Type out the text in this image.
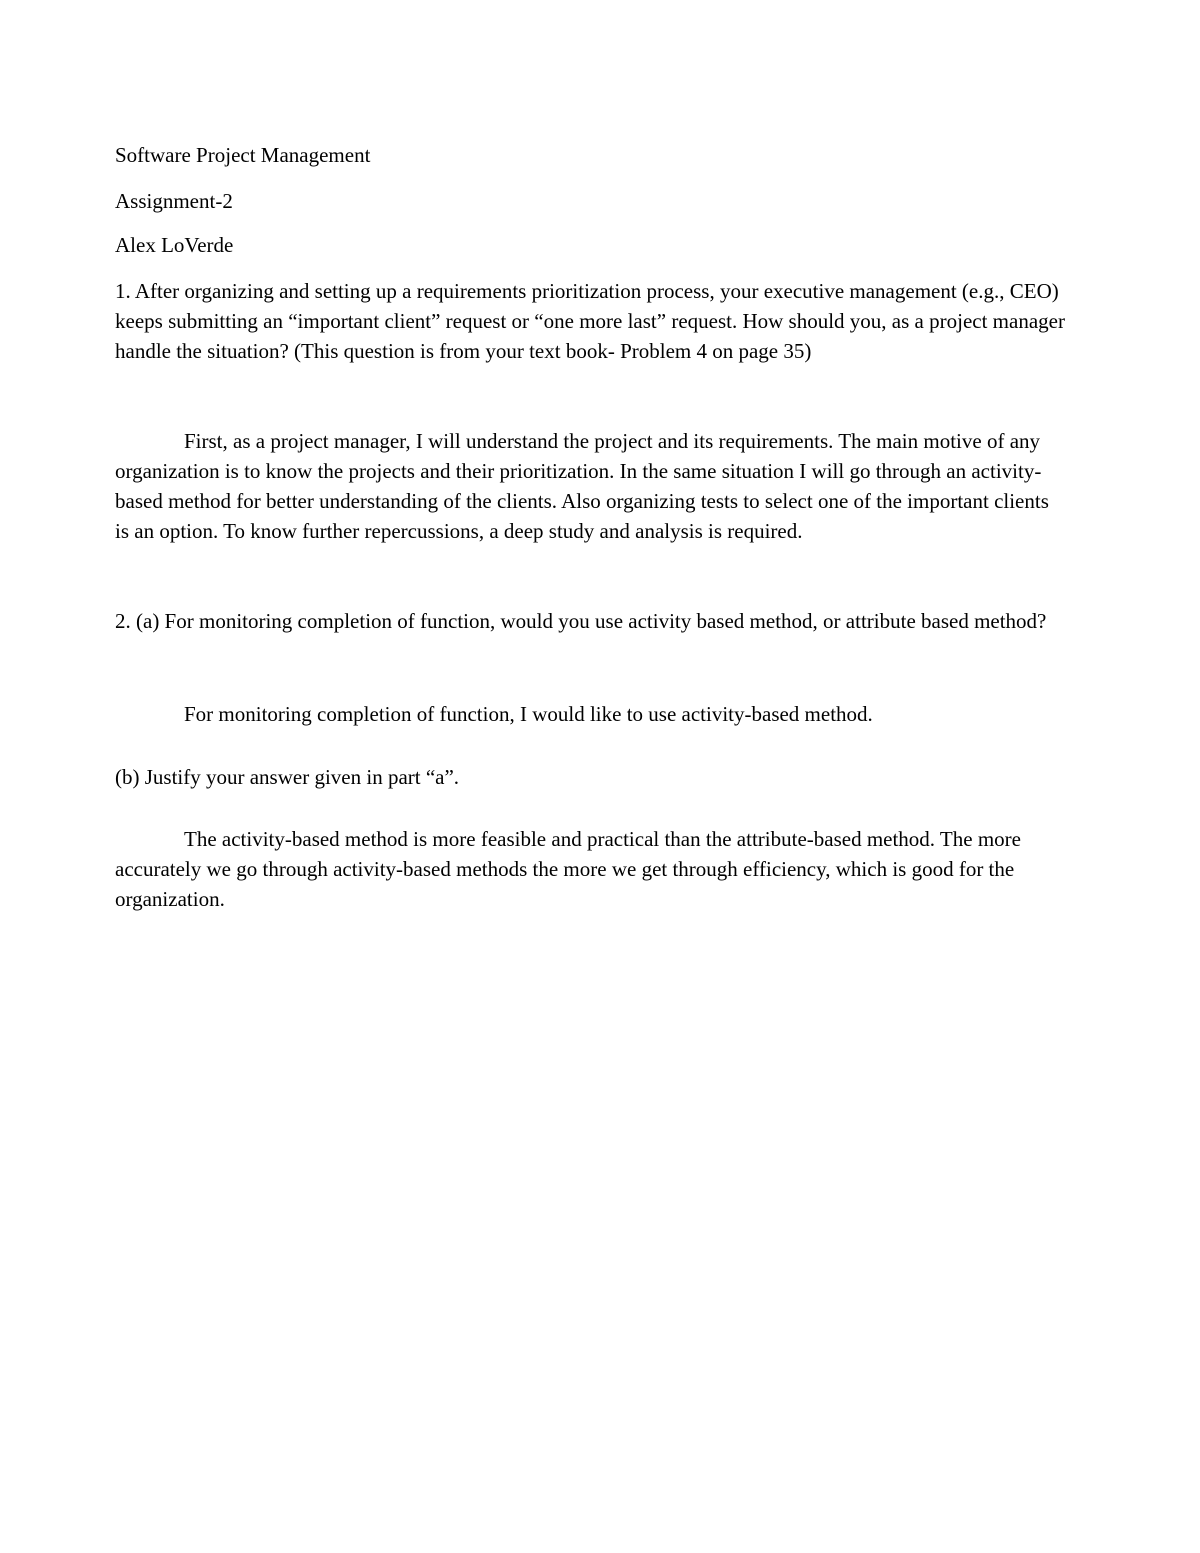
Software Project Management
Assignment-2
Alex LoVerde
1. After organizing and setting up a requirements prioritization process, your executive management (e.g., CEO) keeps submitting an “important client” request or “one more last” request. How should you, as a project manager handle the situation? (This question is from your text book- Problem 4 on page 35)
First, as a project manager, I will understand the project and its requirements. The main motive of any organization is to know the projects and their prioritization. In the same situation I will go through an activity-based method for better understanding of the clients. Also organizing tests to select one of the important clients is an option. To know further repercussions, a deep study and analysis is required.
2. (a) For monitoring completion of function, would you use activity based method, or attribute based method?
For monitoring completion of function, I would like to use activity-based method.
(b) Justify your answer given in part “a”.
The activity-based method is more feasible and practical than the attribute-based method. The more accurately we go through activity-based methods the more we get through efficiency, which is good for the organization.
